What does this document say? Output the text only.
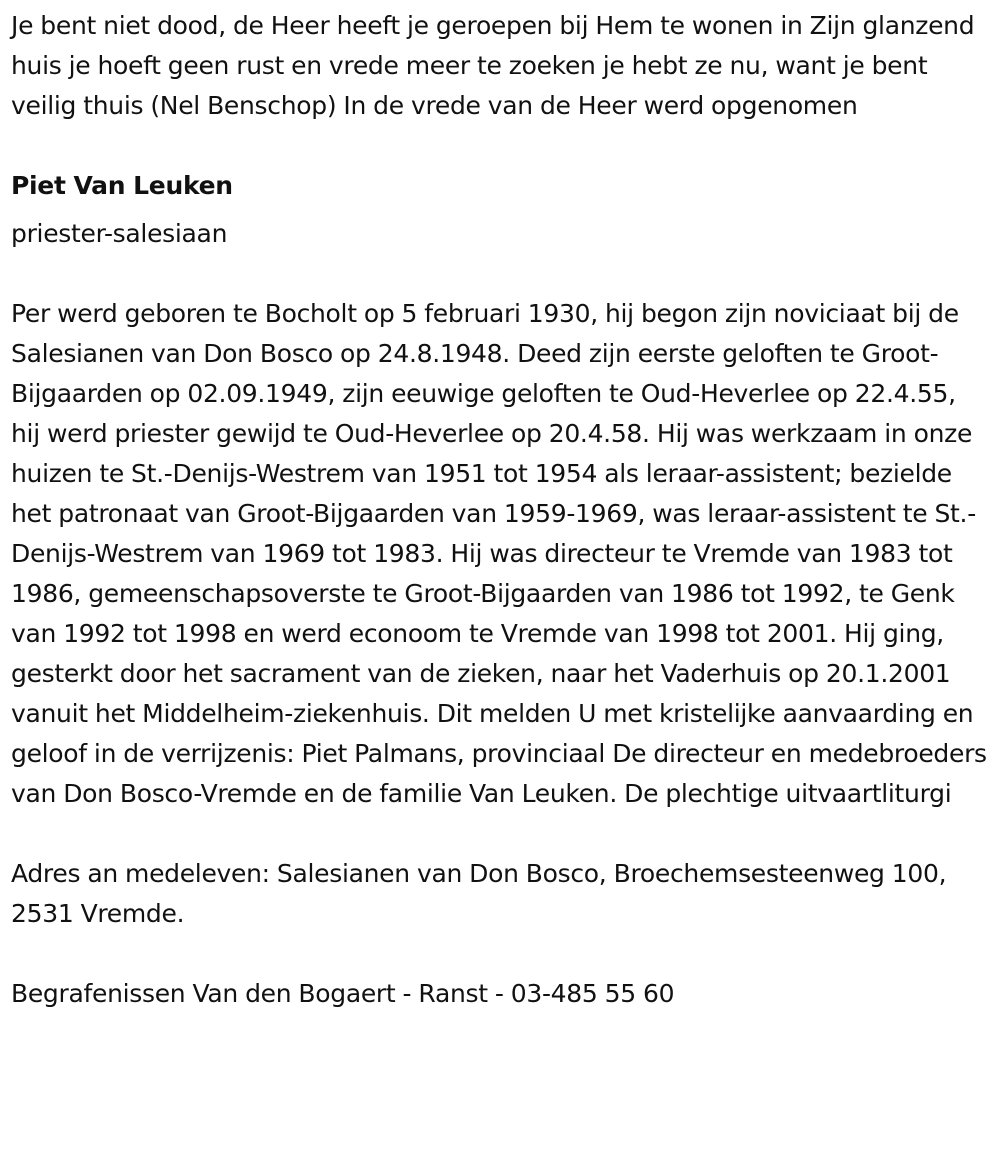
Je bent niet dood, de Heer heeft je geroepen bij Hem te wonen in Zijn glanzend huis je hoeft geen rust en vrede meer te zoeken je hebt ze nu, want je bent veilig thuis (Nel Benschop) In de vrede van de Heer werd opgenomen

Piet Van Leuken

priester-salesiaan

Per werd geboren te Bocholt op 5 februari 1930, hij begon zijn noviciaat bij de Salesianen van Don Bosco op 24.8.1948. Deed zijn eerste geloften te Groot-Bijgaarden op 02.09.1949, zijn eeuwige geloften te Oud-Heverlee op 22.4.55, hij werd priester gewijd te Oud-Heverlee op 20.4.58. Hij was werkzaam in onze huizen te St.-Denijs-Westrem van 1951 tot 1954 als leraar-assistent; bezielde het patronaat van Groot-Bijgaarden van 1959-1969, was leraar-assistent te St.-Denijs-Westrem van 1969 tot 1983. Hij was directeur te Vremde van 1983 tot 1986, gemeenschapsoverste te Groot-Bijgaarden van 1986 tot 1992, te Genk van 1992 tot 1998 en werd econoom te Vremde van 1998 tot 2001. Hij ging, gesterkt door het sacrament van de zieken, naar het Vaderhuis op 20.1.2001 vanuit het Middelheim-ziekenhuis. Dit melden U met kristelijke aanvaarding en geloof in de verrijzenis: Piet Palmans, provinciaal De directeur en medebroeders van Don Bosco-Vremde en de familie Van Leuken. De plechtige uitvaartliturgi

Adres an medeleven: Salesianen van Don Bosco, Broechemsesteenweg 100, 2531 Vremde.

Begrafenissen Van den Bogaert - Ranst - 03-485 55 60
